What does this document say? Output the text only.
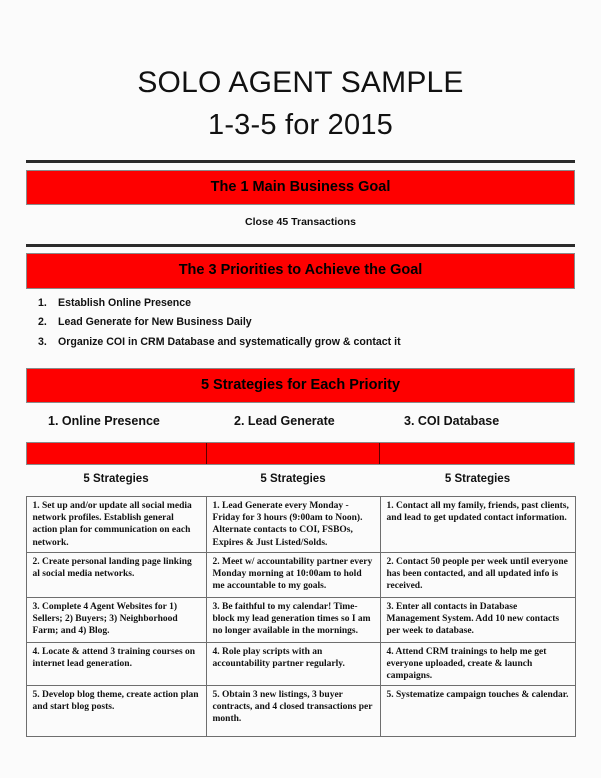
SOLO AGENT SAMPLE
1-3-5 for 2015
The 1 Main Business Goal
Close 45 Transactions
The 3 Priorities to Achieve the Goal
1.	Establish Online Presence
2.	Lead Generate for New Business Daily
3.	Organize COI in CRM Database and systematically grow & contact it
5 Strategies for Each Priority
1. Online Presence	2. Lead Generate	3. COI Database
5 Strategies	5 Strategies	5 Strategies
1. Set up and/or update all social media network profiles. Establish general action plan for communication on each network.	1. Lead Generate every Monday - Friday for 3 hours (9:00am to Noon). Alternate contacts to COI, FSBOs, Expires & Just Listed/Solds.	1. Contact all my family, friends, past clients, and lead to get updated contact information.
2. Create personal landing page linking al social media networks.	2. Meet w/ accountability partner every Monday morning at 10:00am to hold me accountable to my goals.	2. Contact 50 people per week until everyone has been contacted, and all updated info is received.
3. Complete 4 Agent Websites for 1) Sellers; 2) Buyers; 3) Neighborhood Farm; and 4) Blog.	3. Be faithful to my calendar! Time-block my lead generation times so I am no longer available in the mornings.	3. Enter all contacts in Database Management System. Add 10 new contacts per week to database.
4. Locate & attend 3 training courses on internet lead generation.	4. Role play scripts with an accountability partner regularly.	4. Attend CRM trainings to help me get everyone uploaded, create & launch campaigns.
5. Develop blog theme, create action plan and start blog posts.	5. Obtain 3 new listings, 3 buyer contracts, and 4 closed transactions per month.	5. Systematize campaign touches & calendar.
